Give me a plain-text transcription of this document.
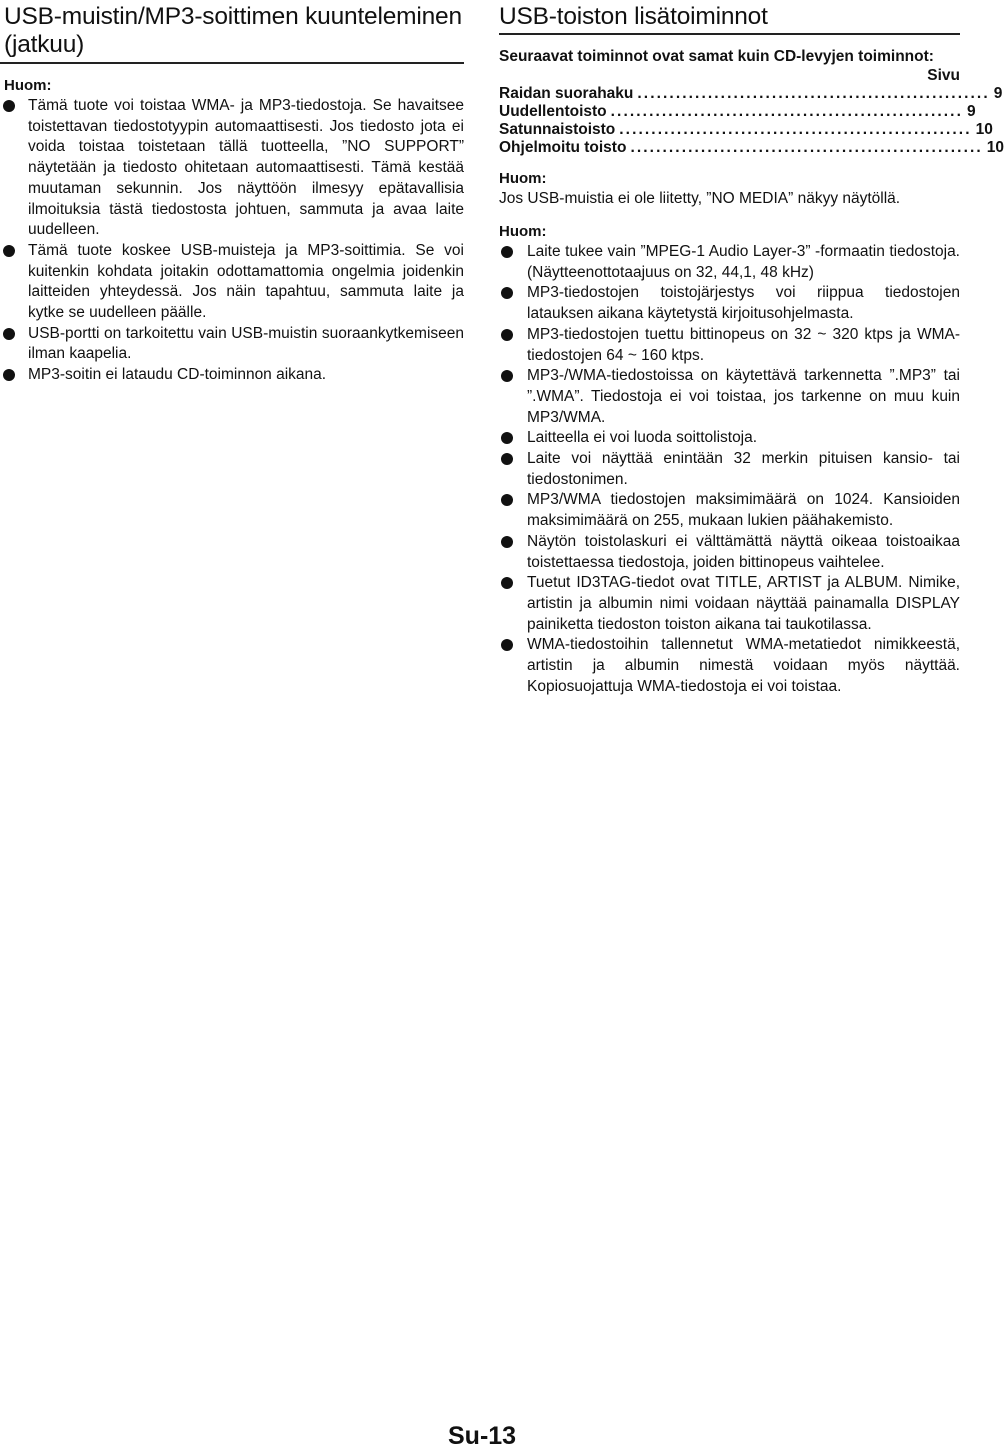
USB-muistin/MP3-soittimen kuunteleminen (jatkuu)
Huom:
Tämä tuote voi toistaa WMA- ja MP3-tiedostoja. Se havaitsee toistettavan tiedostotyypin automaattisesti. Jos tiedosto jota ei voida toistaa toistetaan tällä tuotteella, ”NO SUPPORT” näytetään ja tiedosto ohitetaan automaattisesti. Tämä kestää muutaman sekunnin. Jos näyttöön ilmesyy epätavallisia ilmoituksia tästä tiedostosta johtuen, sammuta ja avaa laite uudelleen.
Tämä tuote koskee USB-muisteja ja MP3-soittimia. Se voi kuitenkin kohdata joitakin odottamattomia ongelmia joidenkin laitteiden yhteydessä. Jos näin tapahtuu, sammuta laite ja kytke se uudelleen päälle.
USB-portti on tarkoitettu vain USB-muistin suoraankytkemiseen ilman kaapelia.
MP3-soitin ei lataudu CD-toiminnon aikana.
USB-toiston lisätoiminnot
Seuraavat toiminnot ovat samat kuin CD-levyjen toiminnot:
Sivu
Raidan suorahaku ....................................................... 9
Uudellentoisto ....................................................... 9
Satunnaistoisto ....................................................... 10
Ohjelmoitu toisto ....................................................... 10
Huom:
Jos USB-muistia ei ole liitetty, ”NO MEDIA” näkyy näytöllä.
Huom:
Laite tukee vain ”MPEG-1 Audio Layer-3” -formaatin tiedostoja. (Näytteenottotaajuus on 32, 44,1, 48 kHz)
MP3-tiedostojen toistojärjestys voi riippua tiedostojen latauksen aikana käytetystä kirjoitusohjelmasta.
MP3-tiedostojen tuettu bittinopeus on 32 ~ 320 ktps ja WMA-tiedostojen 64 ~ 160 ktps.
MP3-/WMA-tiedostoissa on käytettävä tarkennetta ”.MP3” tai ”.WMA”. Tiedostoja ei voi toistaa, jos tarkenne on muu kuin MP3/WMA.
Laitteella ei voi luoda soittolistoja.
Laite voi näyttää enintään 32 merkin pituisen kansio- tai tiedostonimen.
MP3/WMA tiedostojen maksimimäärä on 1024. Kansioiden maksimimäärä on 255, mukaan lukien päähakemisto.
Näytön toistolaskuri ei välttämättä näyttä oikeaa toistoaikaa toistettaessa tiedostoja, joiden bittinopeus vaihtelee.
Tuetut ID3TAG-tiedot ovat TITLE, ARTIST ja ALBUM. Nimike, artistin ja albumin nimi voidaan näyttää painamalla DISPLAY painiketta tiedoston toiston aikana tai taukotilassa.
WMA-tiedostoihin tallennetut WMA-metatiedot nimikkeestä, artistin ja albumin nimestä voidaan myös näyttää. Kopiosuojattuja WMA-tiedostoja ei voi toistaa.
Su-13
